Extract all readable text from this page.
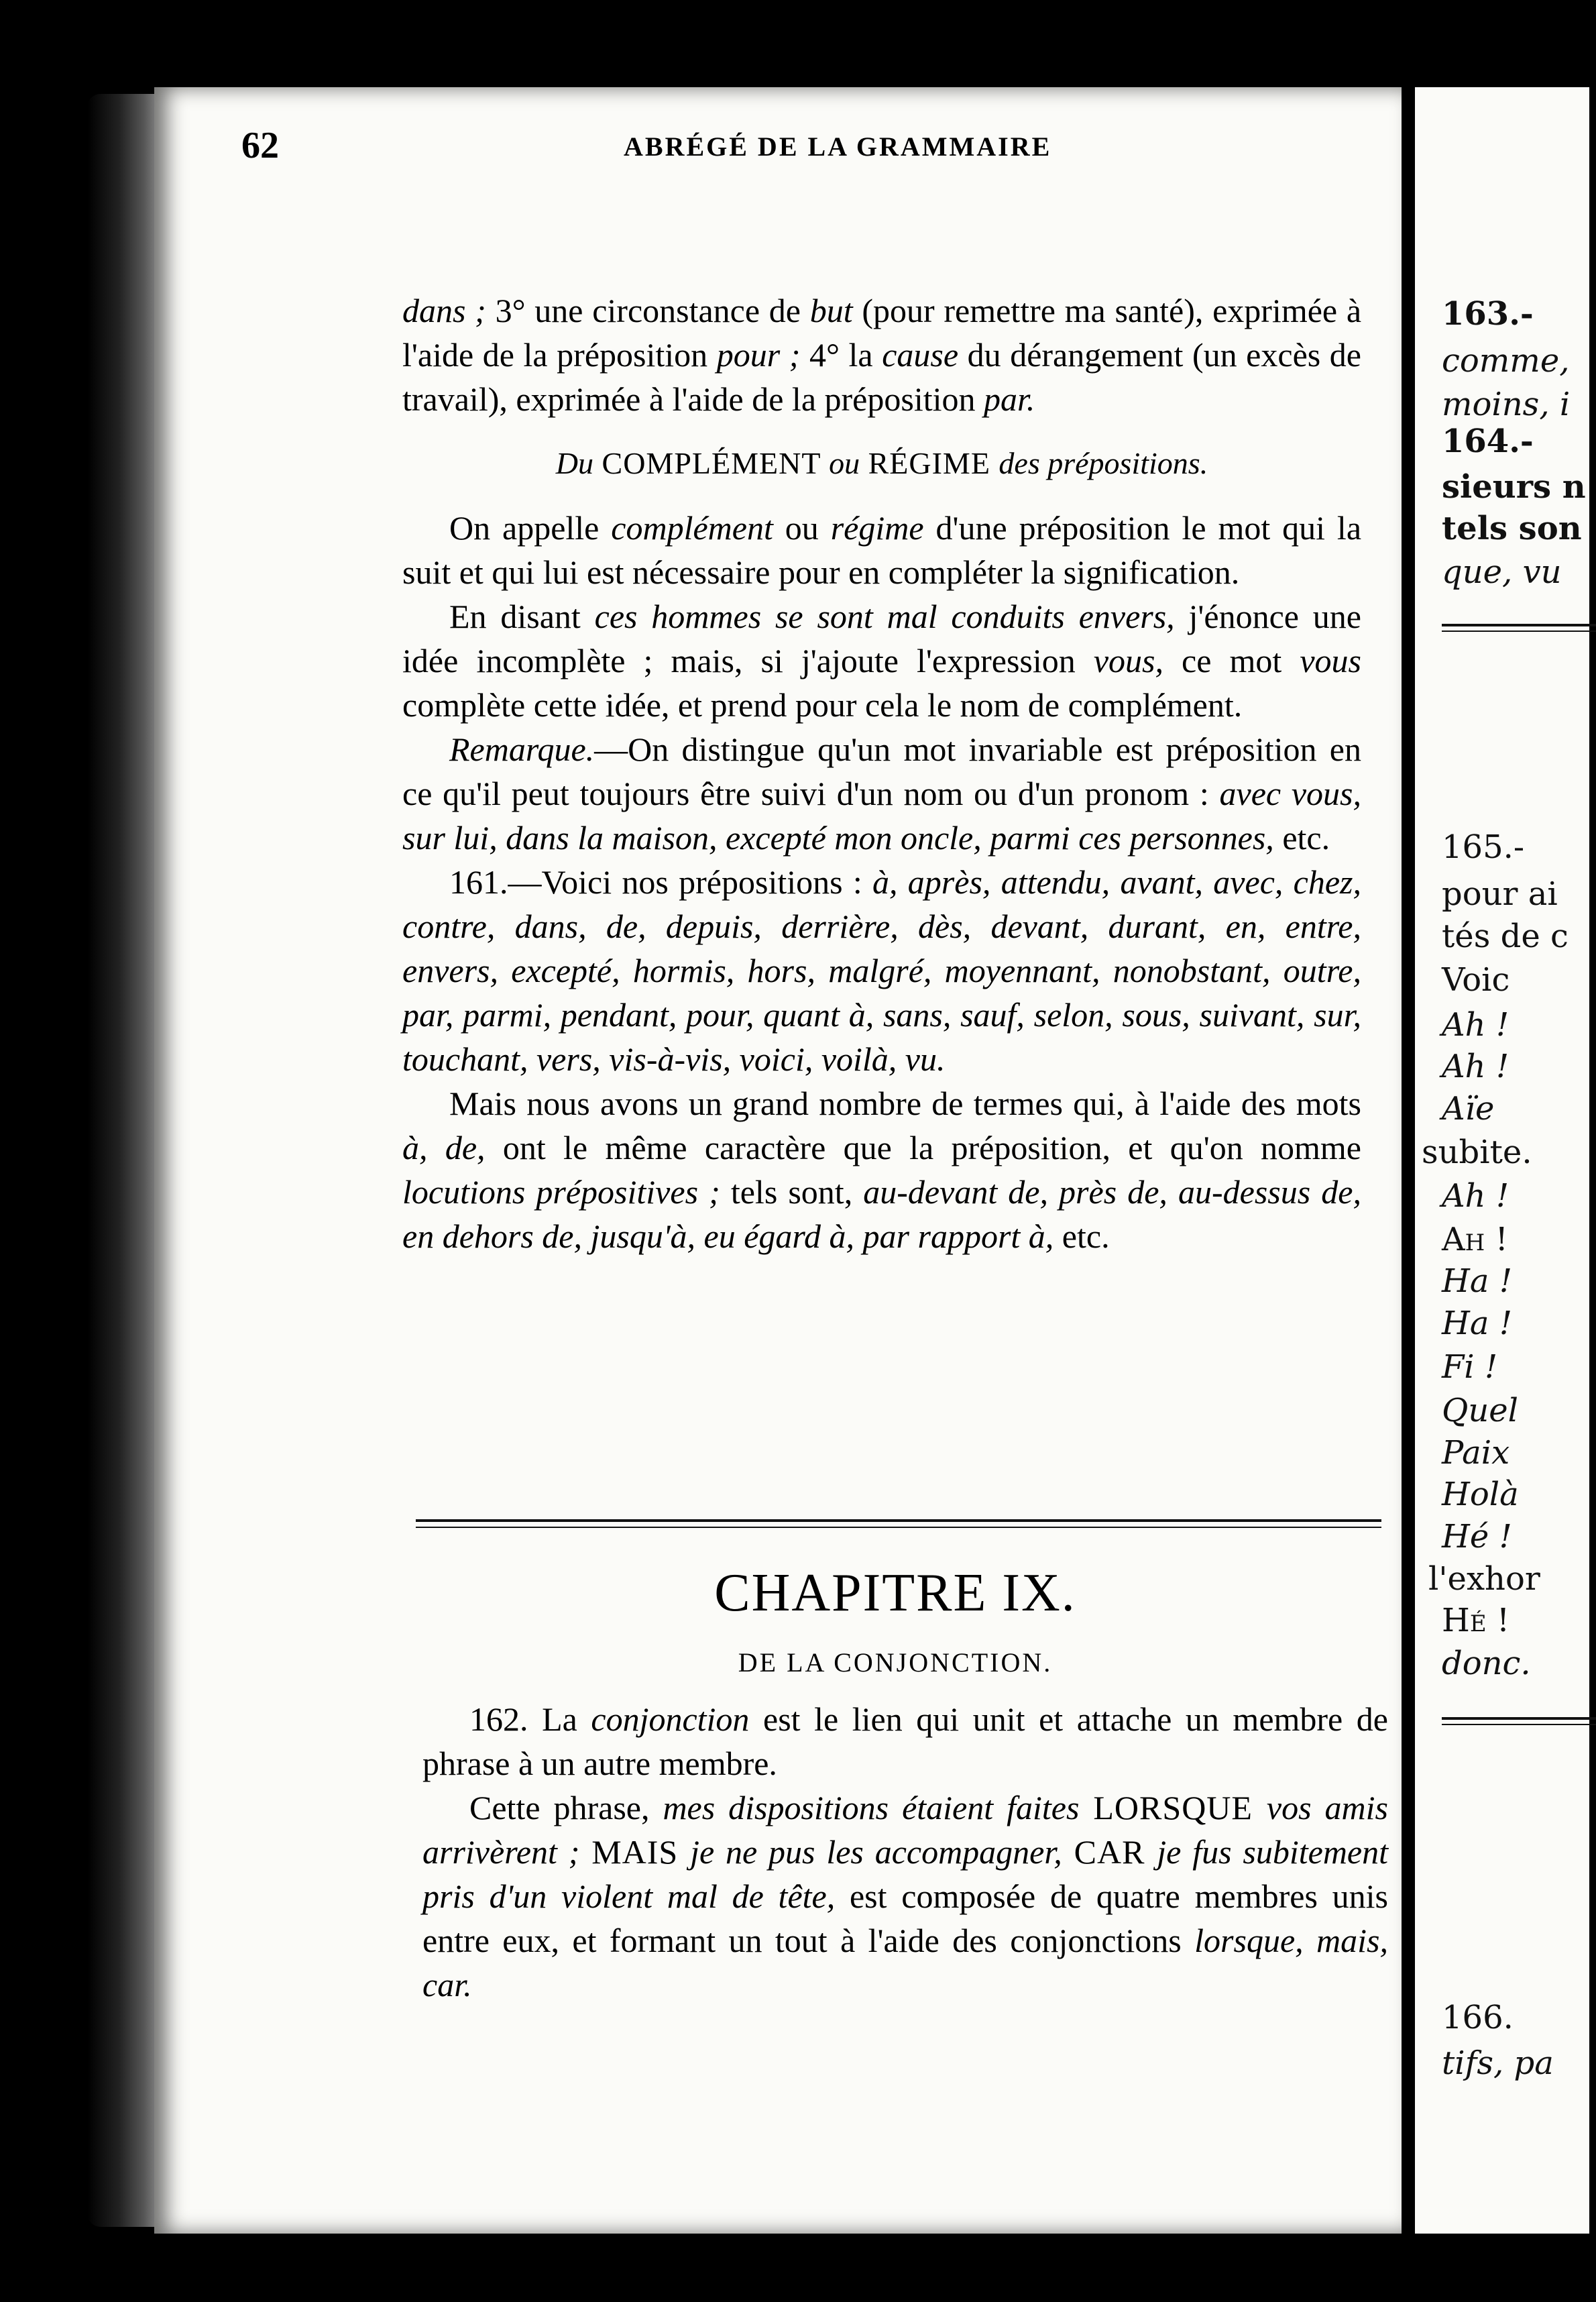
62	ABRÉGÉ DE LA GRAMMAIRE

dans ; 3° une circonstance de but (pour remettre ma santé), exprimée à l'aide de la préposition pour ; 4° la cause du dérangement (un excès de travail), exprimée à l'aide de la préposition par.

Du COMPLÉMENT ou RÉGIME des prépositions.

On appelle complément ou régime d'une préposition le mot qui la suit et qui lui est nécessaire pour en compléter la signification.

En disant ces hommes se sont mal conduits envers, j'énonce une idée incomplète ; mais, si j'ajoute l'expression vous, ce mot vous complète cette idée, et prend pour cela le nom de complément.

Remarque.—On distingue qu'un mot invariable est préposition en ce qu'il peut toujours être suivi d'un nom ou d'un pronom : avec vous, sur lui, dans la maison, excepté mon oncle, parmi ces personnes, etc.

161.—Voici nos prépositions : à, après, attendu, avant, avec, chez, contre, dans, de, depuis, derrière, dès, devant, durant, en, entre, envers, excepté, hormis, hors, malgré, moyennant, nonobstant, outre, par, parmi, pendant, pour, quant à, sans, sauf, selon, sous, suivant, sur, touchant, vers, vis-à-vis, voici, voilà, vu.

Mais nous avons un grand nombre de termes qui, à l'aide des mots à, de, ont le même caractère que la préposition, et qu'on nomme locutions prépositives ; tels sont, au-devant de, près de, au-dessus de, en dehors de, jusqu'à, eu égard à, par rapport à, etc.

CHAPITRE IX.
DE LA CONJONCTION.

162. La conjonction est le lien qui unit et attache un membre de phrase à un autre membre.

Cette phrase, mes dispositions étaient faites LORSQUE vos amis arrivèrent ; MAIS je ne pus les accompagner, CAR je fus subitement pris d'un violent mal de tête, est composée de quatre membres unis entre eux, et formant un tout à l'aide des conjonctions lorsque, mais, car.

163.-
comme,
moins, i
164.-
sieurs n
tels son
que, vu
165.-
pour ai
tés de c
Voic
Ah !
Ah !
Aïe
subite.
Ah !
Ah !
Ha !
Ha !
Fi !
Quel
Paix
Holà
Hé !
l'exhor
Hé !
donc.
166.
tifs, pa
